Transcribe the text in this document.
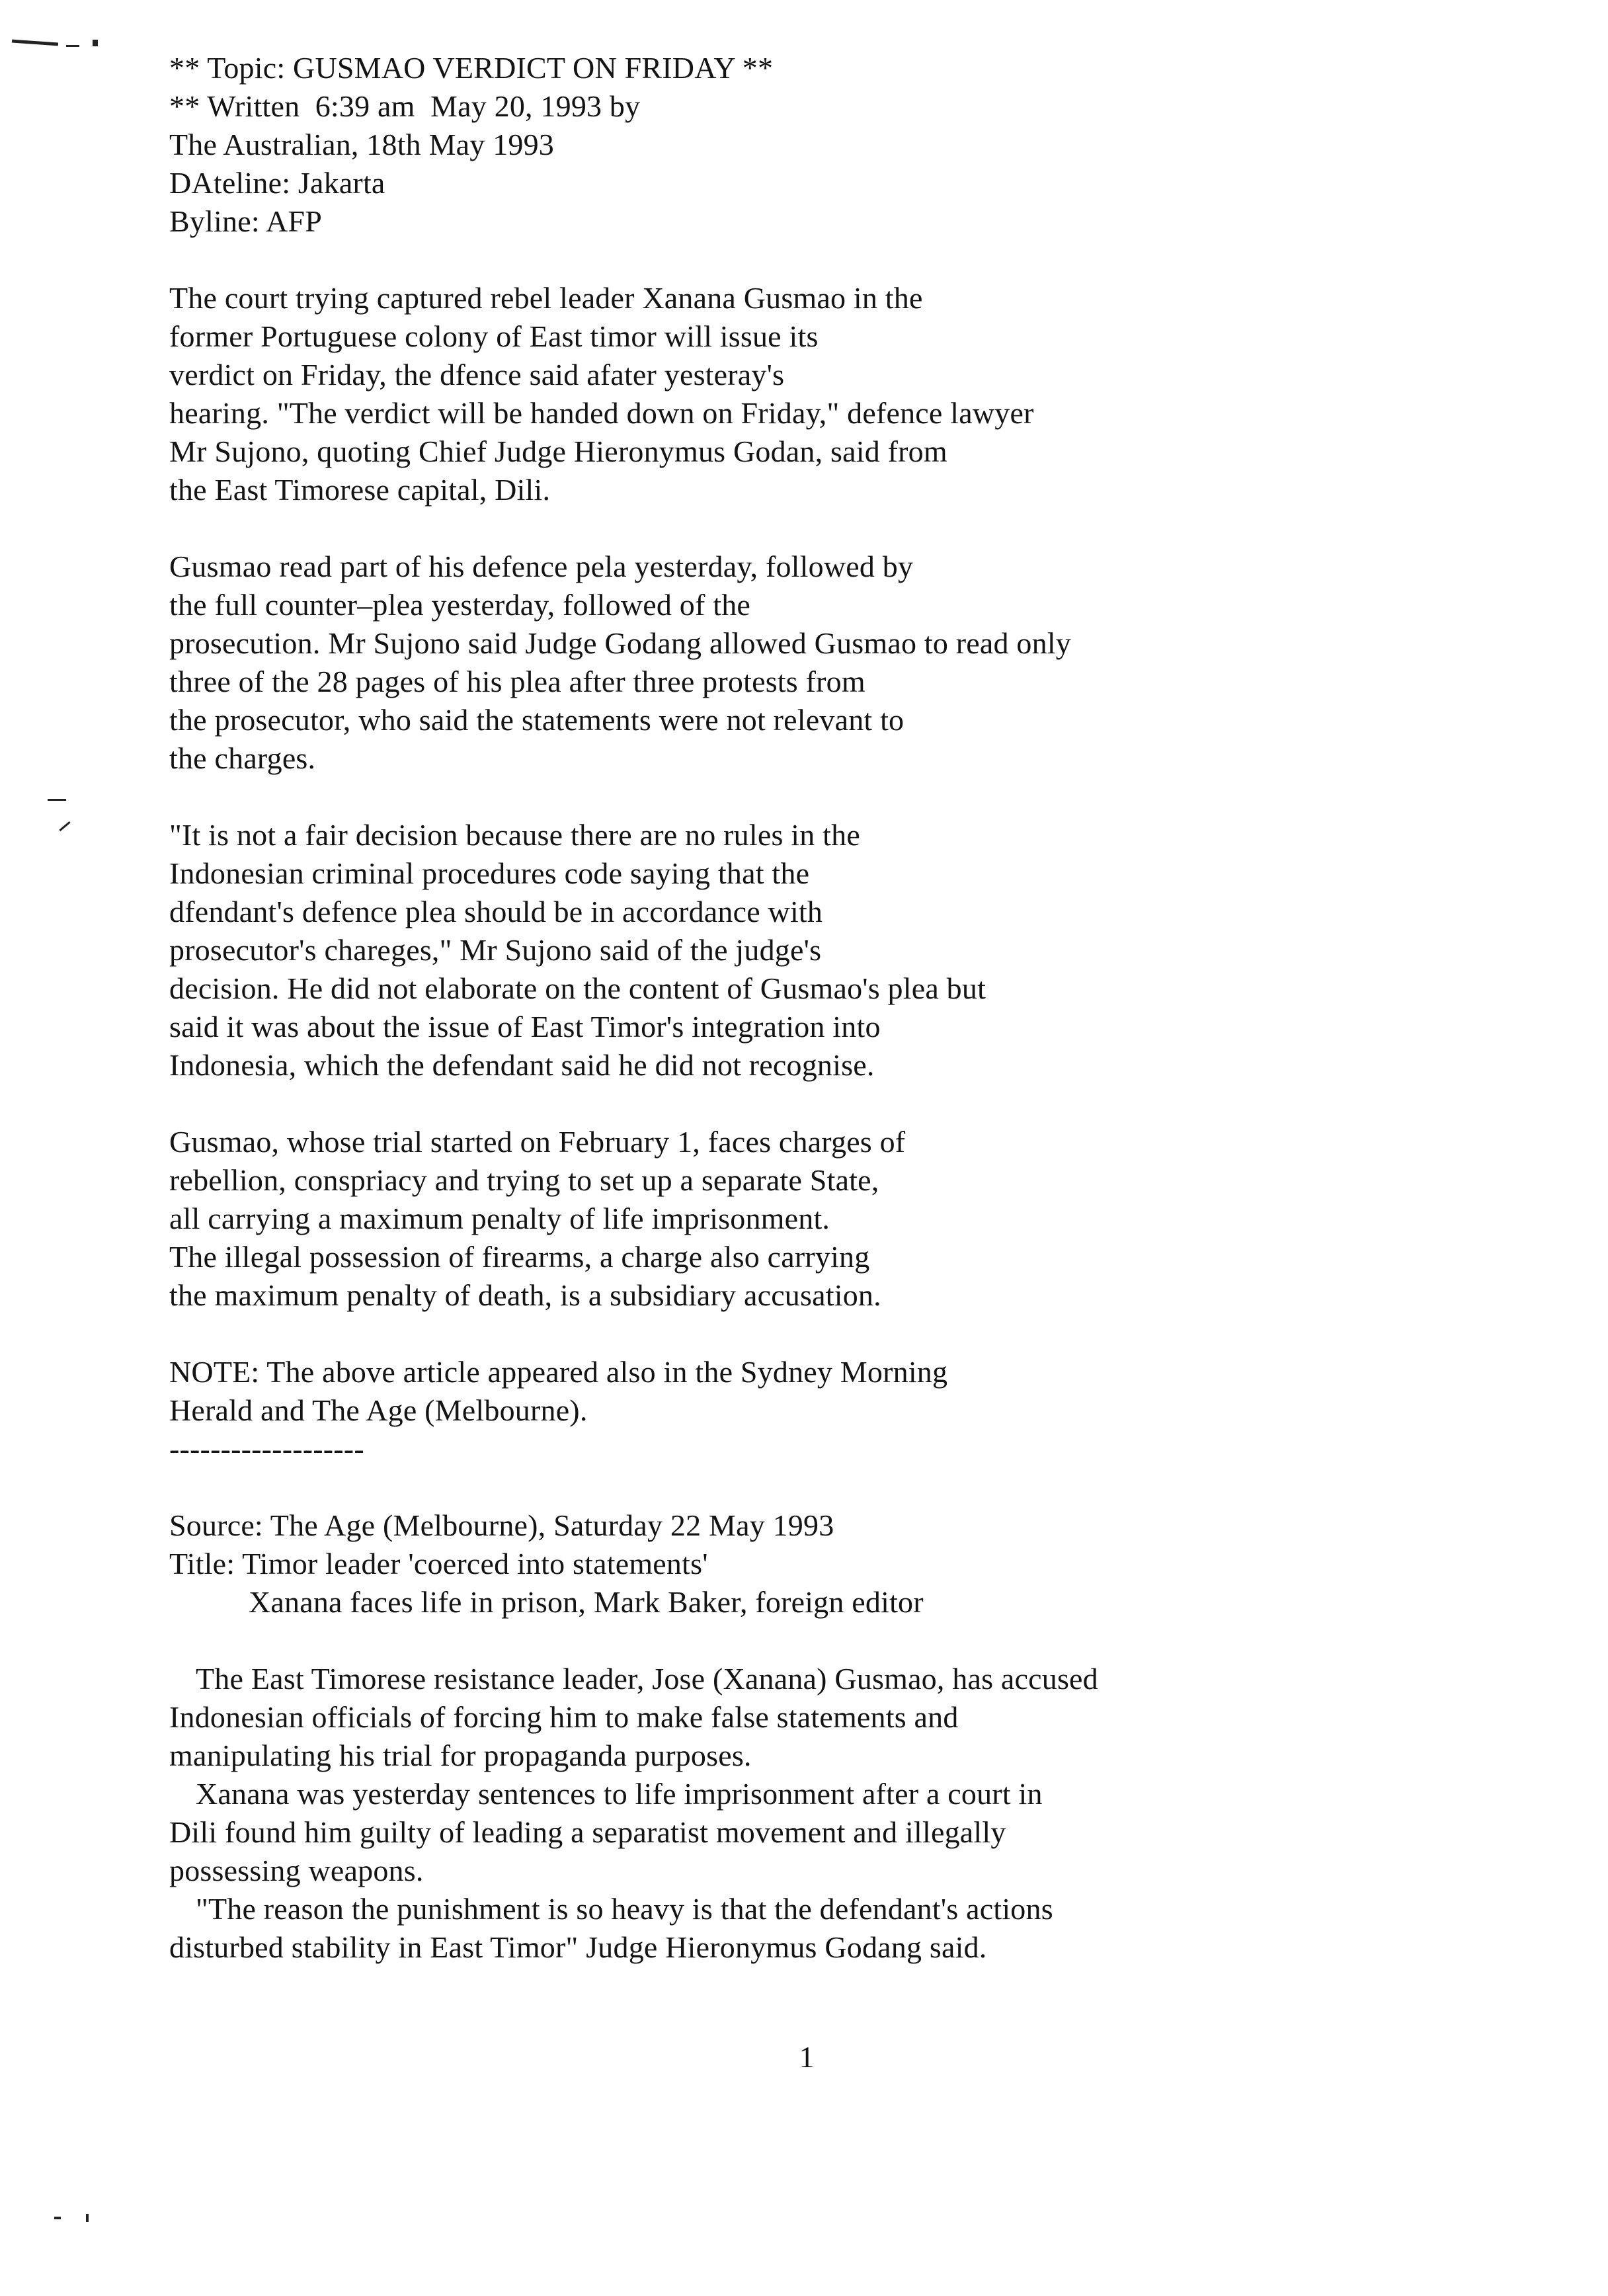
** Topic: GUSMAO VERDICT ON FRIDAY **
** Written  6:39 am  May 20, 1993 by
The Australian, 18th May 1993
DAteline: Jakarta
Byline: AFP
The court trying captured rebel leader Xanana Gusmao in the
former Portuguese colony of East timor will issue its
verdict on Friday, the dfence said afater yesteray's
hearing. "The verdict will be handed down on Friday," defence lawyer
Mr Sujono, quoting Chief Judge Hieronymus Godan, said from
the East Timorese capital, Dili.
Gusmao read part of his defence pela yesterday, followed by
the full counter–plea yesterday, followed of the
prosecution. Mr Sujono said Judge Godang allowed Gusmao to read only
three of the 28 pages of his plea after three protests from
the prosecutor, who said the statements were not relevant to
the charges.
"It is not a fair decision because there are no rules in the
Indonesian criminal procedures code saying that the
dfendant's defence plea should be in accordance with
prosecutor's chareges," Mr Sujono said of the judge's
decision. He did not elaborate on the content of Gusmao's plea but
said it was about the issue of East Timor's integration into
Indonesia, which the defendant said he did not recognise.
Gusmao, whose trial started on February 1, faces charges of
rebellion, conspriacy and trying to set up a separate State,
all carrying a maximum penalty of life imprisonment.
The illegal possession of firearms, a charge also carrying
the maximum penalty of death, is a subsidiary accusation.
NOTE: The above article appeared also in the Sydney Morning
Herald and The Age (Melbourne).
-------------------
Source: The Age (Melbourne), Saturday 22 May 1993
Title: Timor leader 'coerced into statements'
Xanana faces life in prison, Mark Baker, foreign editor
The East Timorese resistance leader, Jose (Xanana) Gusmao, has accused
Indonesian officials of forcing him to make false statements and
manipulating his trial for propaganda purposes.
Xanana was yesterday sentences to life imprisonment after a court in
Dili found him guilty of leading a separatist movement and illegally
possessing weapons.
"The reason the punishment is so heavy is that the defendant's actions
disturbed stability in East Timor" Judge Hieronymus Godang said.
1
